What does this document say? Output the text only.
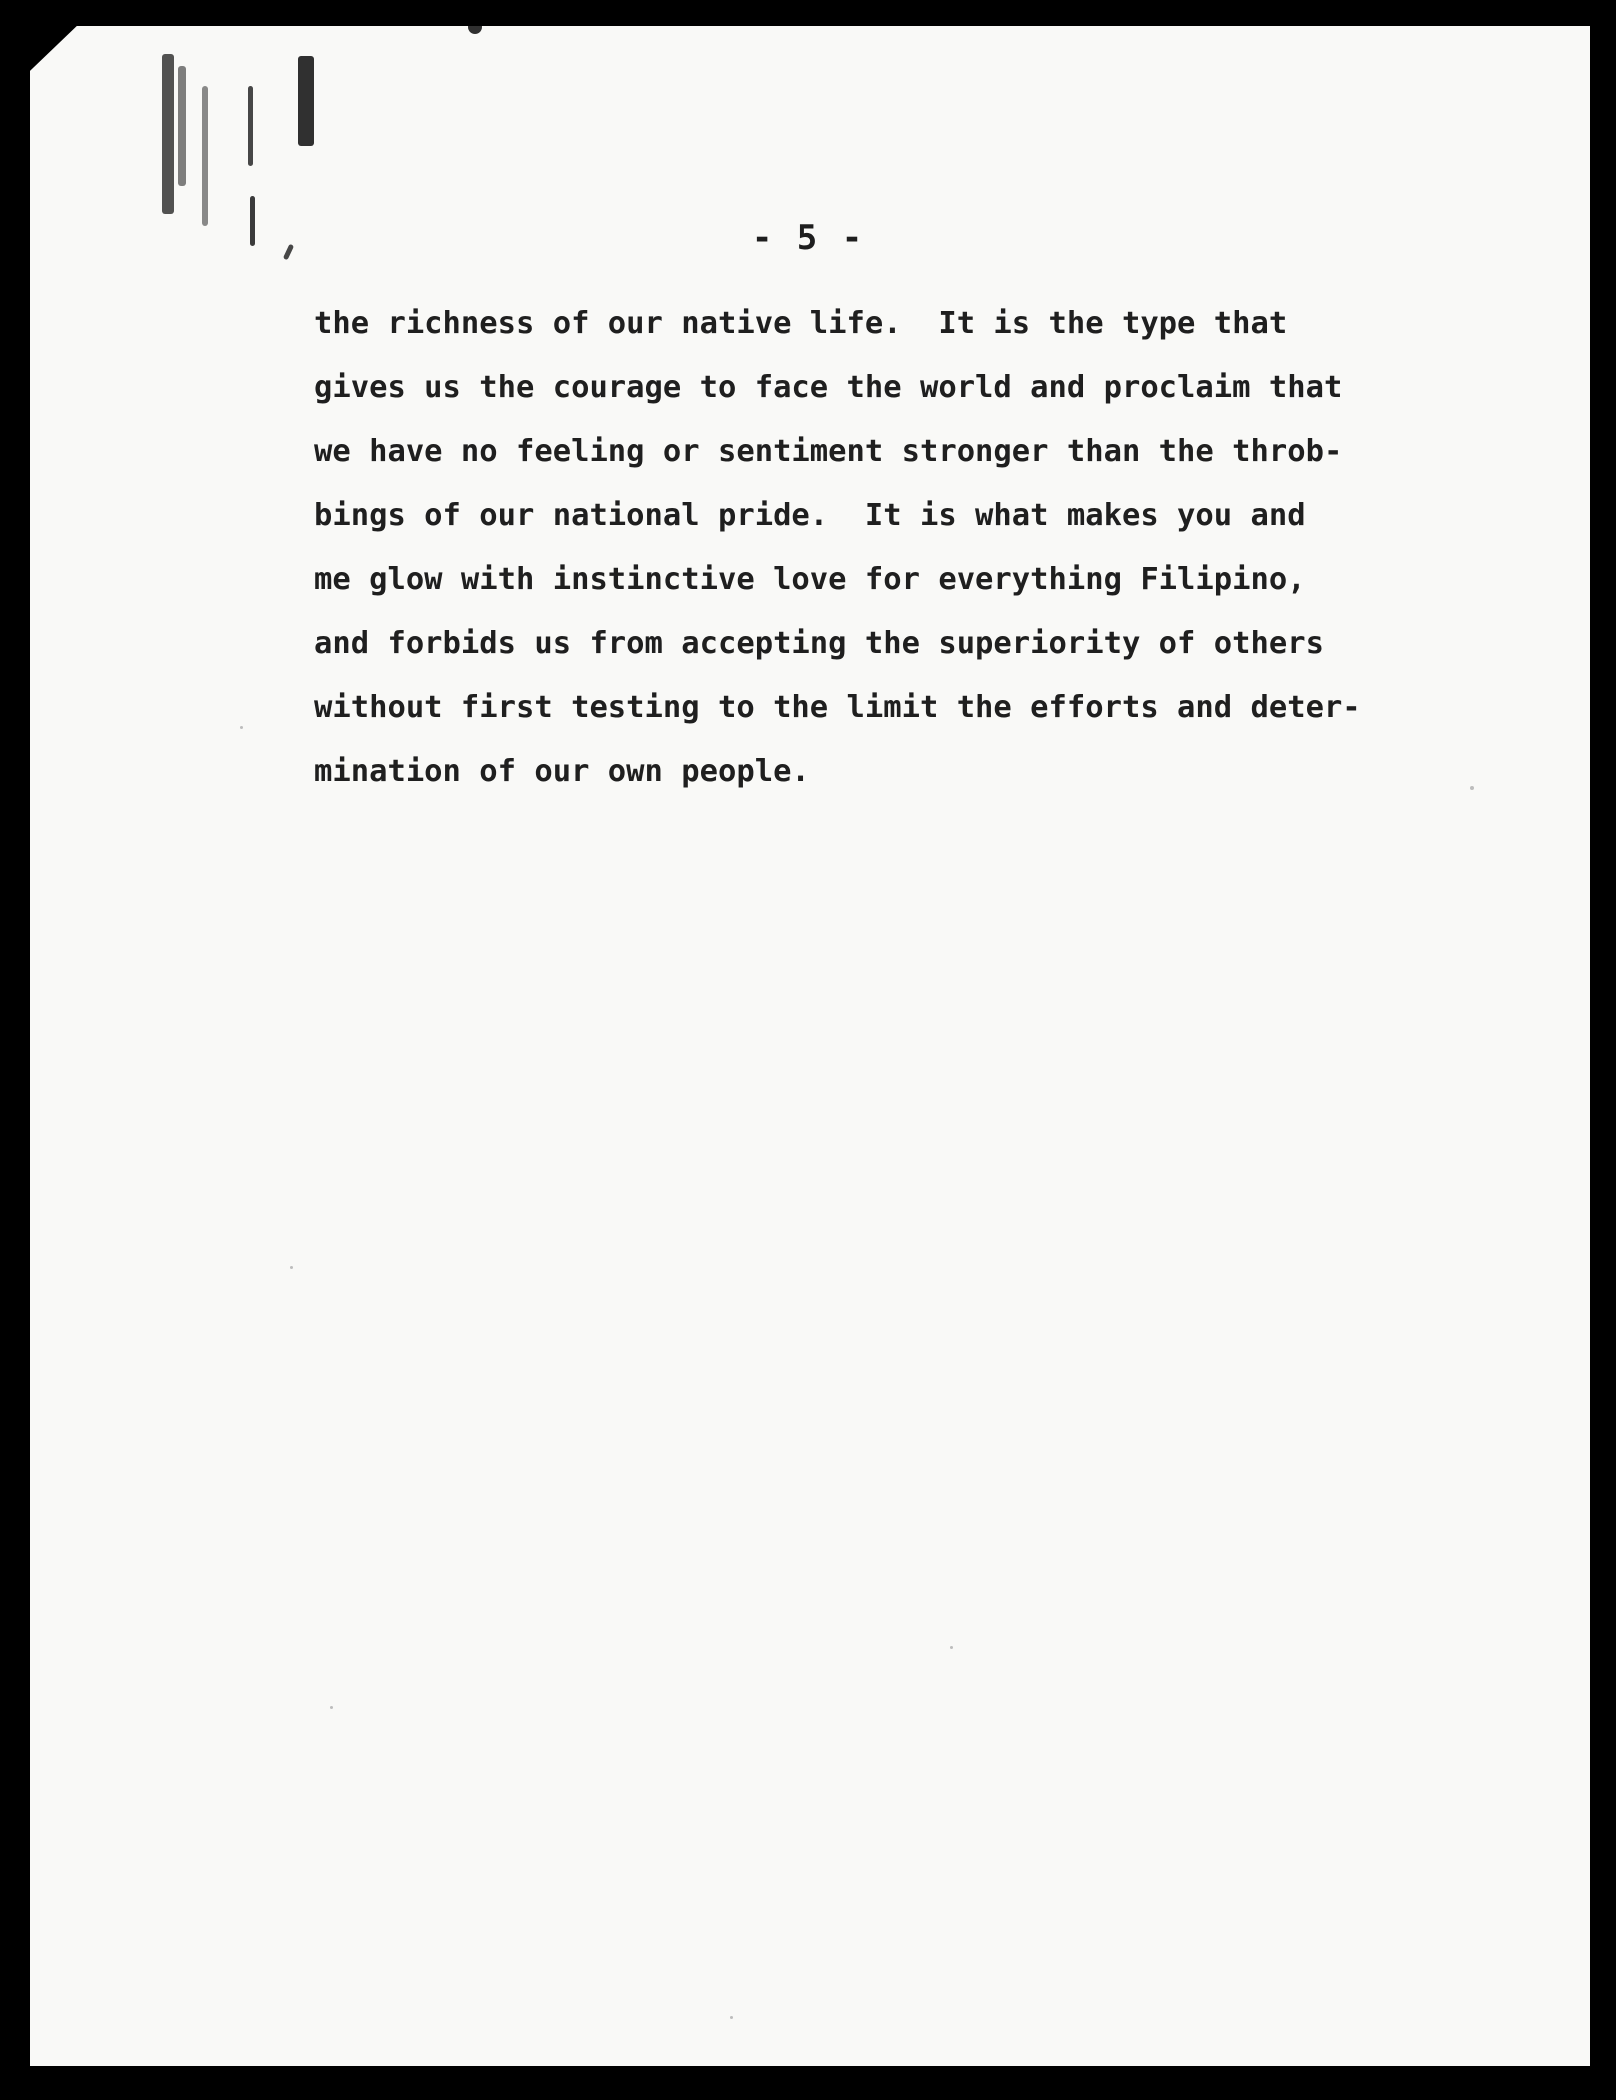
- 5 -
the richness of our native life.  It is the type that
gives us the courage to face the world and proclaim that
we have no feeling or sentiment stronger than the throb-
bings of our national pride.  It is what makes you and
me glow with instinctive love for everything Filipino,
and forbids us from accepting the superiority of others
without first testing to the limit the efforts and deter-
mination of our own people.
